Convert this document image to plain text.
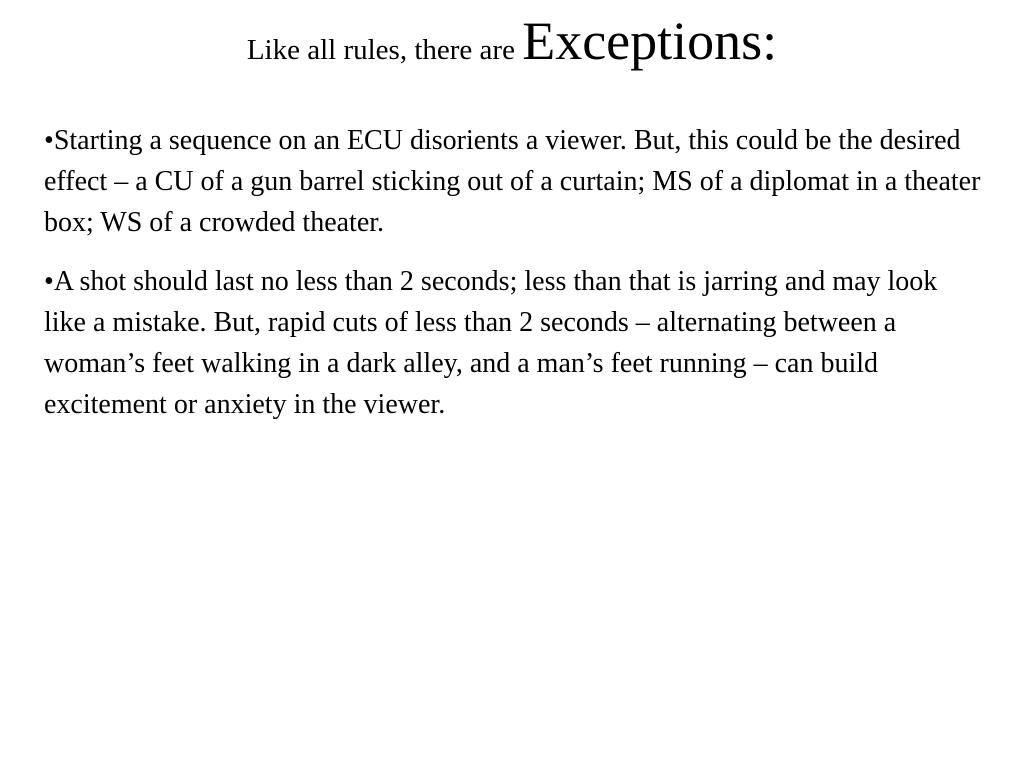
Like all rules, there are Exceptions:

•Starting a sequence on an ECU disorients a viewer. But, this could be the desired effect – a CU of a gun barrel sticking out of a curtain; MS of a diplomat in a theater box; WS of a crowded theater.

•A shot should last no less than 2 seconds; less than that is jarring and may look like a mistake. But, rapid cuts of less than 2 seconds – alternating between a woman’s feet walking in a dark alley, and a man’s feet running – can build excitement or anxiety in the viewer.
